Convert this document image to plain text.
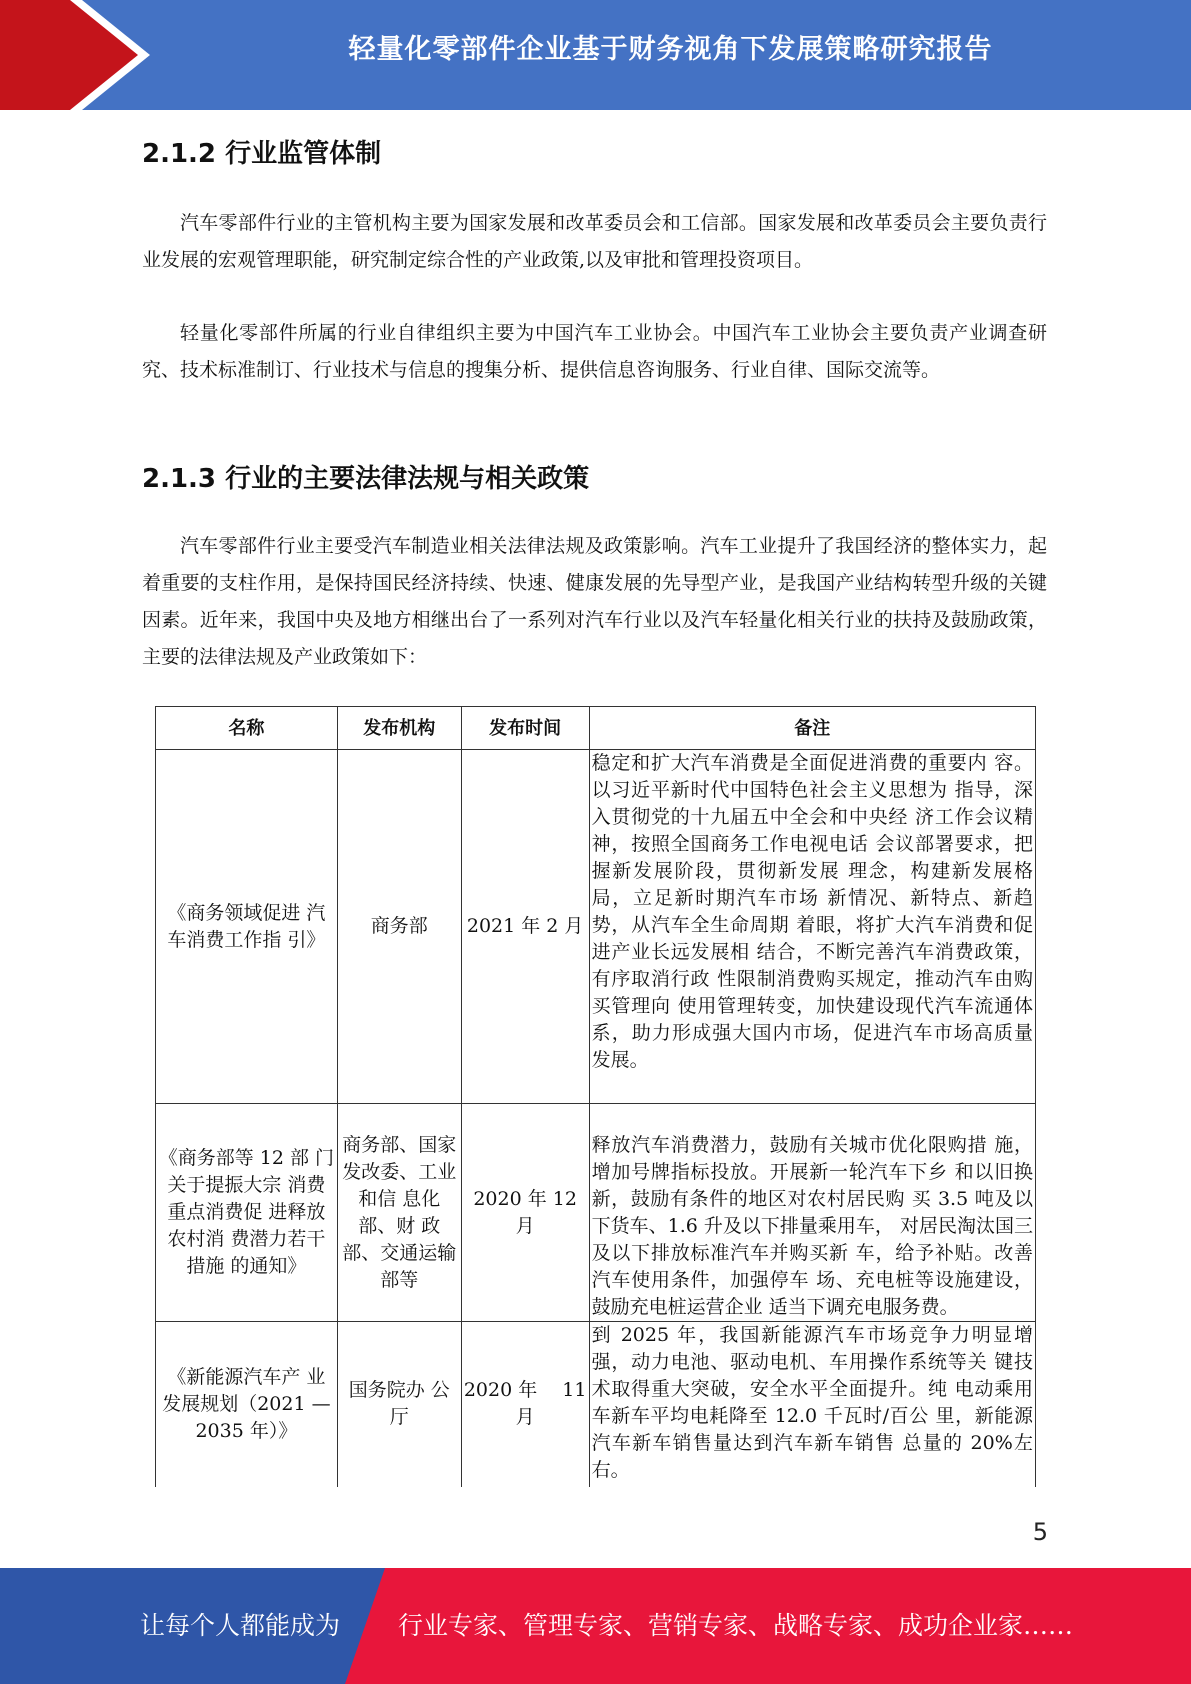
轻量化零部件企业基于财务视角下发展策略研究报告
2.1.2 行业监管体制

汽车零部件行业的主管机构主要为国家发展和改革委员会和工信部。国家发展和改革委员会主要负责行业发展的宏观管理职能，研究制定综合性的产业政策,以及审批和管理投资项目。

轻量化零部件所属的行业自律组织主要为中国汽车工业协会。中国汽车工业协会主要负责产业调查研究、技术标准制订、行业技术与信息的搜集分析、提供信息咨询服务、行业自律、国际交流等。

2.1.3 行业的主要法律法规与相关政策

汽车零部件行业主要受汽车制造业相关法律法规及政策影响。汽车工业提升了我国经济的整体实力，起着重要的支柱作用，是保持国民经济持续、快速、健康发展的先导型产业，是我国产业结构转型升级的关键因素。近年来，我国中央及地方相继出台了一系列对汽车行业以及汽车轻量化相关行业的扶持及鼓励政策，主要的法律法规及产业政策如下：

名称	发布机构	发布时间	备注
《商务领域促进 汽车消费工作指 引》	商务部	2021 年 2 月	稳定和扩大汽车消费是全面促进消费的重要内 容。以习近平新时代中国特色社会主义思想为 指导，深入贯彻党的十九届五中全会和中央经 济工作会议精神，按照全国商务工作电视电话 会议部署要求，把握新发展阶段，贯彻新发展 理念，构建新发展格局，立足新时期汽车市场 新情况、新特点、新趋势，从汽车全生命周期 着眼，将扩大汽车消费和促进产业长远发展相 结合，不断完善汽车消费政策，有序取消行政 性限制消费购买规定，推动汽车由购买管理向 使用管理转变，加快建设现代汽车流通体系，助力形成强大国内市场，促进汽车市场高质量 发展。
《商务部等 12 部 门关于提振大宗 消费重点消费促 进释放农村消 费潜力若干措施 的通知》	商务部、国家发改委、工业和信 息化部、财 政部、交通运输部等	2020 年 12 月	释放汽车消费潜力，鼓励有关城市优化限购措 施，增加号牌指标投放。开展新一轮汽车下乡 和以旧换新，鼓励有条件的地区对农村居民购 买 3.5 吨及以下货车、1.6 升及以下排量乘用车， 对居民淘汰国三及以下排放标准汽车并购买新 车，给予补贴。改善汽车使用条件，加强停车 场、充电桩等设施建设，鼓励充电桩运营企业 适当下调充电服务费。
《新能源汽车产 业发展规划（2021 —2035 年）》	国务院办 公厅	2020 年　 11 月	到 2025 年，我国新能源汽车市场竞争力明显增 强，动力电池、驱动电机、车用操作系统等关 键技术取得重大突破，安全水平全面提升。纯 电动乘用车新车平均电耗降至 12.0 千瓦时/百公 里，新能源汽车新车销售量达到汽车新车销售 总量的 20%左右。
5
让每个人都能成为 行业专家、管理专家、营销专家、战略专家、成功企业家……
